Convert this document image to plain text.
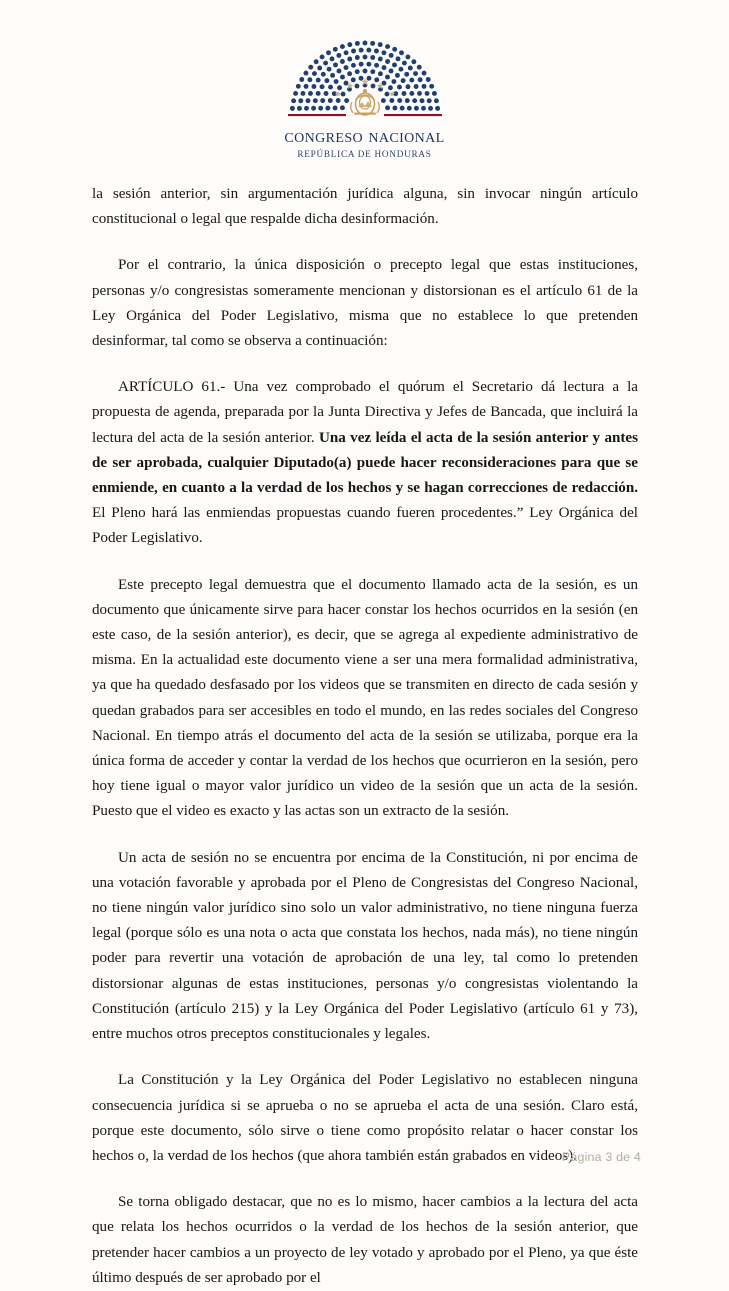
congreso nacional
REPÚBLICA DE HONDURAS

la sesión anterior, sin argumentación jurídica alguna, sin invocar ningún artículo constitucional o legal que respalde dicha desinformación.

Por el contrario, la única disposición o precepto legal que estas instituciones, personas y/o congresistas someramente mencionan y distorsionan es el artículo 61 de la Ley Orgánica del Poder Legislativo, misma que no establece lo que pretenden desinformar, tal como se observa a continuación:

ARTÍCULO 61.- Una vez comprobado el quórum el Secretario dá lectura a la propuesta de agenda, preparada por la Junta Directiva y Jefes de Bancada, que incluirá la lectura del acta de la sesión anterior. Una vez leída el acta de la sesión anterior y antes de ser aprobada, cualquier Diputado(a) puede hacer reconsideraciones para que se enmiende, en cuanto a la verdad de los hechos y se hagan correcciones de redacción. El Pleno hará las enmiendas propuestas cuando fueren procedentes.” Ley Orgánica del Poder Legislativo.

Este precepto legal demuestra que el documento llamado acta de la sesión, es un documento que únicamente sirve para hacer constar los hechos ocurridos en la sesión (en este caso, de la sesión anterior), es decir, que se agrega al expediente administrativo de misma. En la actualidad este documento viene a ser una mera formalidad administrativa, ya que ha quedado desfasado por los videos que se transmiten en directo de cada sesión y quedan grabados para ser accesibles en todo el mundo, en las redes sociales del Congreso Nacional. En tiempo atrás el documento del acta de la sesión se utilizaba, porque era la única forma de acceder y contar la verdad de los hechos que ocurrieron en la sesión, pero hoy tiene igual o mayor valor jurídico un video de la sesión que un acta de la sesión. Puesto que el video es exacto y las actas son un extracto de la sesión.

Un acta de sesión no se encuentra por encima de la Constitución, ni por encima de una votación favorable y aprobada por el Pleno de Congresistas del Congreso Nacional, no tiene ningún valor jurídico sino solo un valor administrativo, no tiene ninguna fuerza legal (porque sólo es una nota o acta que constata los hechos, nada más), no tiene ningún poder para revertir una votación de aprobación de una ley, tal como lo pretenden distorsionar algunas de estas instituciones, personas y/o congresistas violentando la Constitución (artículo 215) y la Ley Orgánica del Poder Legislativo (artículo 61 y 73), entre muchos otros preceptos constitucionales y legales.

La Constitución y la Ley Orgánica del Poder Legislativo no establecen ninguna consecuencia jurídica si se aprueba o no se aprueba el acta de una sesión. Claro está, porque este documento, sólo sirve o tiene como propósito relatar o hacer constar los hechos o, la verdad de los hechos (que ahora también están grabados en videos).

Se torna obligado destacar, que no es lo mismo, hacer cambios a la lectura del acta que relata los hechos ocurridos o la verdad de los hechos de la sesión anterior, que pretender hacer cambios a un proyecto de ley votado y aprobado por el Pleno, ya que éste último después de ser aprobado por el

Página 3 de 4
